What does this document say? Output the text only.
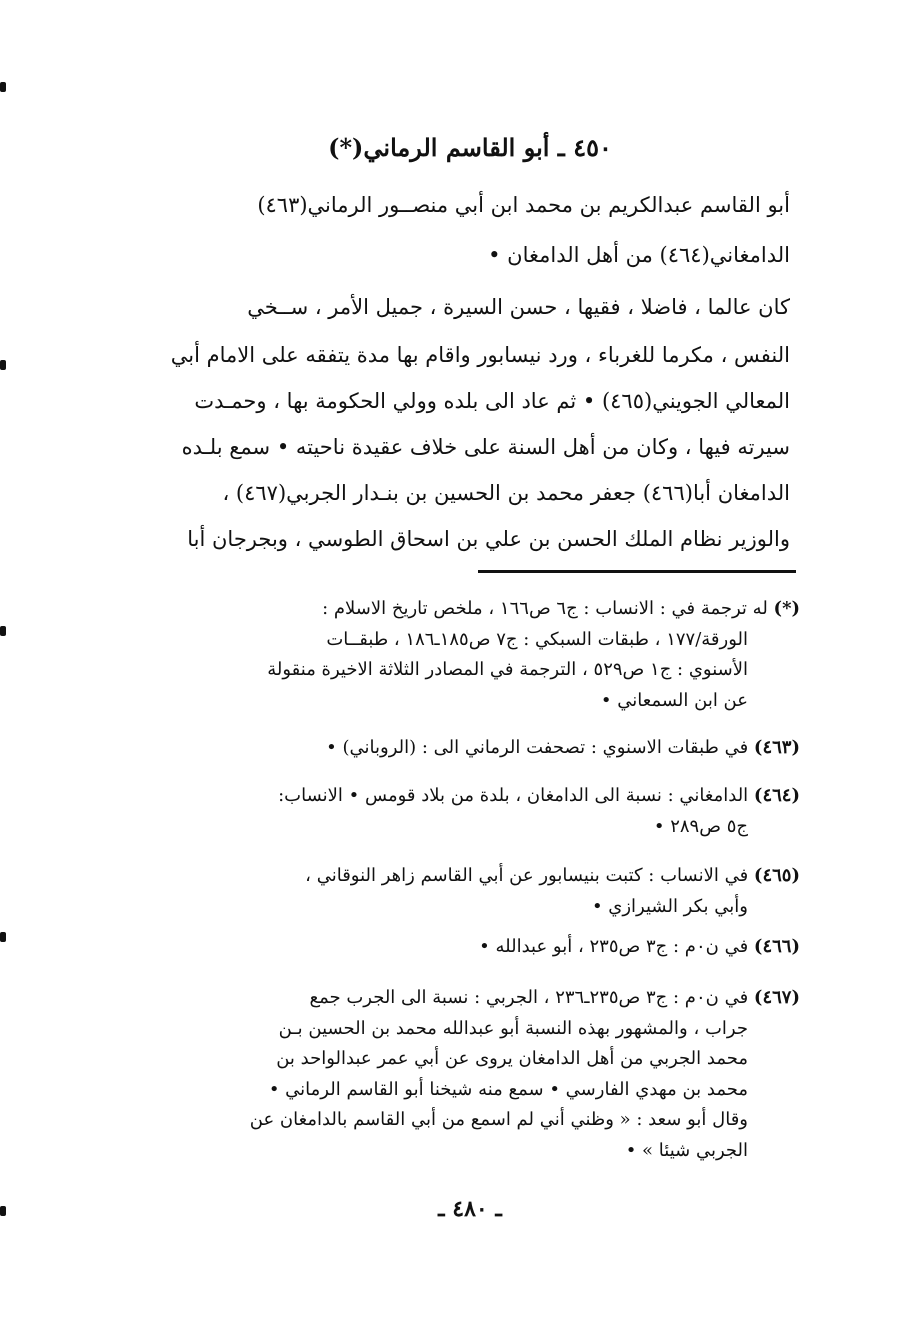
٤٥٠ ـ أبو القاسم الرماني(*)
أبو القاسم عبدالكريم بن محمد ابن أبي منصــور الرماني(٤٦٣)
الدامغاني(٤٦٤) من أهل الدامغان •
كان عالما ، فاضلا ، فقيها ، حسن السيرة ، جميل الأمر ، ســخي
النفس ، مكرما للغرباء ، ورد نيسابور واقام بها مدة يتفقه على الامام أبي
المعالي الجويني(٤٦٥) • ثم عاد الى بلده وولي الحكومة بها ، وحمـدت
سيرته فيها ، وكان من أهل السنة على خلاف عقيدة ناحيته • سمع بلـده
الدامغان أبا(٤٦٦) جعفر محمد بن الحسين بن بنـدار الجربي(٤٦٧) ،
والوزير نظام الملك الحسن بن علي بن اسحاق الطوسي ، وبجرجان أبا
(*) له ترجمة في : الانساب : ج٦ ص١٦٦ ، ملخص تاريخ الاسلام :
الورقة/١٧٧ ، طبقات السبكي : ج٧ ص١٨٥ـ١٨٦ ، طبقــات
الأسنوي : ج١ ص٥٢٩ ، الترجمة في المصادر الثلاثة الاخيرة منقولة
عن ابن السمعاني •
(٤٦٣) في طبقات الاسنوي : تصحفت الرماني الى : (الروباني) •
(٤٦٤) الدامغاني : نسبة الى الدامغان ، بلدة من بلاد قومس • الانساب:
ج٥ ص٢٨٩ •
(٤٦٥) في الانساب : كتبت بنيسابور عن أبي القاسم زاهر النوقاني ،
وأبي بكر الشيرازي •
(٤٦٦) في ن٠م : ج٣ ص٢٣٥ ، أبو عبدالله •
(٤٦٧) في ن٠م : ج٣ ص٢٣٥ـ٢٣٦ ، الجربي : نسبة الى الجرب جمع
جراب ، والمشهور بهذه النسبة أبو عبدالله محمد بن الحسين بـن
محمد الجربي من أهل الدامغان يروى عن أبي عمر عبدالواحد بن
محمد بن مهدي الفارسي • سمع منه شيخنا أبو القاسم الرماني •
وقال أبو سعد : « وظني أني لم اسمع من أبي القاسم بالدامغان عن
الجربي شيئا » •
ـ ٤٨٠ ـ
